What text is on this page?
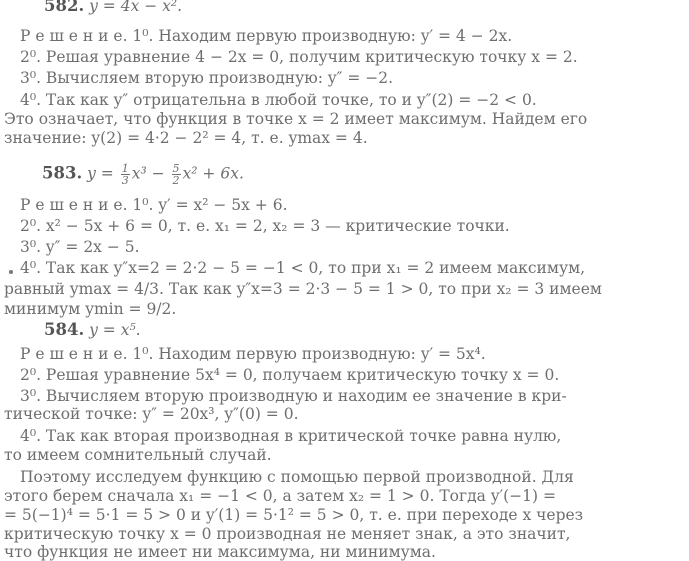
582. y = 4x − x².
Р е ш е н и е. 1⁰. Находим первую производную: y′ = 4 − 2x.
2⁰. Решая уравнение 4 − 2x = 0, получим критическую точку x = 2.
3⁰. Вычисляем вторую производную: y″ = −2.
4⁰. Так как y″ отрицательна в любой точке, то и y″(2) = −2 < 0.
Это означает, что функция в точке x = 2 имеет максимум. Найдем его
значение: y(2) = 4·2 − 2² = 4, т. е. ymax = 4.
583. $y = \frac{1}{3} x^3 - \frac{5}{2} x^2 + 6x$.
Р е ш е н и е. 1⁰. y′ = x² − 5x + 6.
2⁰. x² − 5x + 6 = 0, т. е. x₁ = 2, x₂ = 3 — критические точки.
3⁰. y″ = 2x − 5.
4⁰. Так как y″x=2 = 2·2 − 5 = −1 < 0, то при x₁ = 2 имеем максимум,
равный ymax = 4/3. Так как y″x=3 = 2·3 − 5 = 1 > 0, то при x₂ = 3 имеем
минимум ymin = 9/2.
584. y = x⁵.
Р е ш е н и е. 1⁰. Находим первую производную: y′ = 5x⁴.
2⁰. Решая уравнение 5x⁴ = 0, получаем критическую точку x = 0.
3⁰. Вычисляем вторую производную и находим ее значение в кри-
тической точке: y″ = 20x³, y″(0) = 0.
4⁰. Так как вторая производная в критической точке равна нулю,
то имеем сомнительный случай.
Поэтому исследуем функцию с помощью первой производной. Для
этого берем сначала x₁ = −1 < 0, а затем x₂ = 1 > 0. Тогда y′(−1) =
= 5(−1)⁴ = 5·1 = 5 > 0 и y′(1) = 5·1² = 5 > 0, т. е. при переходе x через
критическую точку x = 0 производная не меняет знак, а это значит,
что функция не имеет ни максимума, ни минимума.
